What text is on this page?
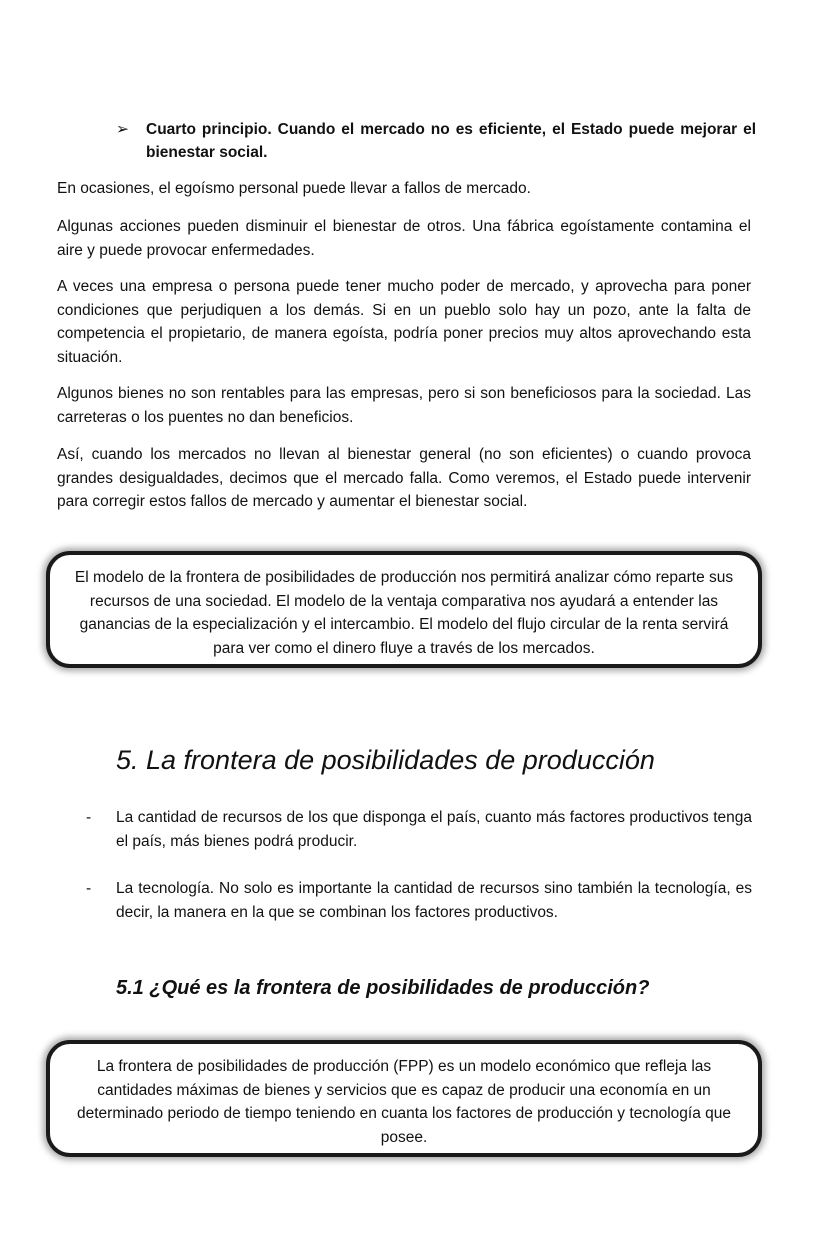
➢	Cuarto principio. Cuando el mercado no es eficiente, el Estado puede mejorar el bienestar social.

En ocasiones, el egoísmo personal puede llevar a fallos de mercado.

Algunas acciones pueden disminuir el bienestar de otros. Una fábrica egoístamente contamina el aire y puede provocar enfermedades.

A veces una empresa o persona puede tener mucho poder de mercado, y aprovecha para poner condiciones que perjudiquen a los demás. Si en un pueblo solo hay un pozo, ante la falta de competencia el propietario, de manera egoísta, podría poner precios muy altos aprovechando esta situación.

Algunos bienes no son rentables para las empresas, pero si son beneficiosos para la sociedad. Las carreteras o los puentes no dan beneficios.

Así, cuando los mercados no llevan al bienestar general (no son eficientes) o cuando provoca grandes desigualdades, decimos que el mercado falla. Como veremos, el Estado puede intervenir para corregir estos fallos de mercado y aumentar el bienestar social.

El modelo de la frontera de posibilidades de producción nos permitirá analizar cómo reparte sus recursos de una sociedad. El modelo de la ventaja comparativa nos ayudará a entender las ganancias de la especialización y el intercambio. El modelo del flujo circular de la renta servirá para ver como el dinero fluye a través de los mercados.
5. La frontera de posibilidades de producción
- La cantidad de recursos de los que disponga el país, cuanto más factores productivos tenga el país, más bienes podrá producir.
- La tecnología. No solo es importante la cantidad de recursos sino también la tecnología, es decir, la manera en la que se combinan los factores productivos.
5.1 ¿Qué es la frontera de posibilidades de producción?
La frontera de posibilidades de producción (FPP) es un modelo económico que refleja las cantidades máximas de bienes y servicios que es capaz de producir una economía en un determinado periodo de tiempo teniendo en cuanta los factores de producción y tecnología que posee.
